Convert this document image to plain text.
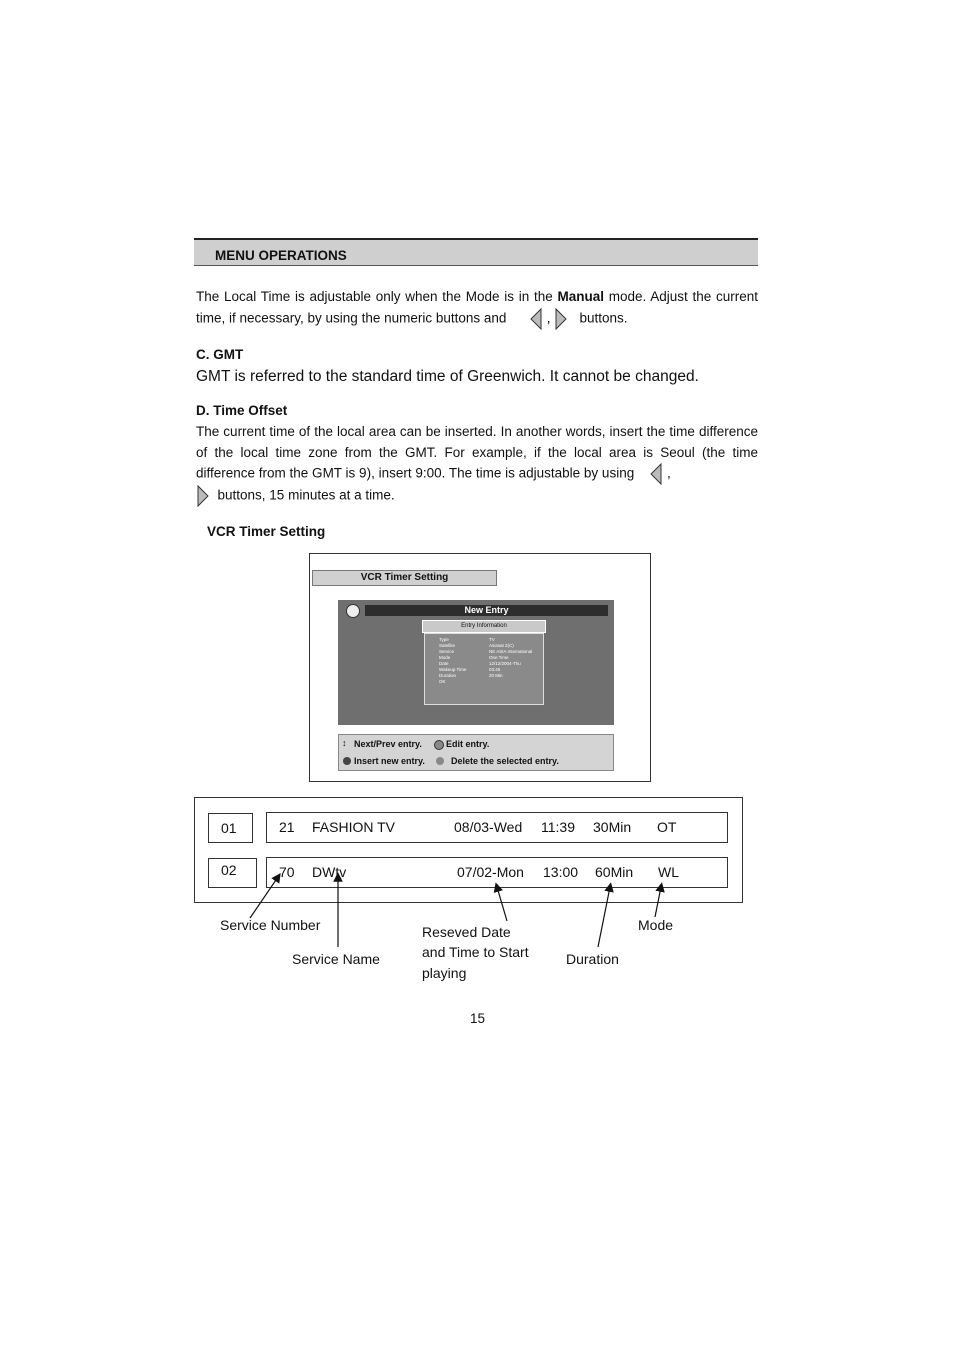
MENU OPERATIONS
The Local Time is adjustable only when the Mode is in the Manual mode. Adjust the current time, if necessary, by using the numeric buttons and	, buttons.
C. GMT
GMT is referred to the standard time of Greenwich. It cannot be changed.
D. Time Offset
The current time of the local area can be inserted. In another words, insert the time difference of the local time zone from the GMT. For example, if the local area is Seoul (the time difference from the GMT is 9), insert 9:00. The time is adjustable by using ,
buttons, 15 minutes at a time.
VCR Timer Setting
VCR Timer Setting
New Entry
Entry Information
Type	TV
Satellite	Asiasat 2(C)
Service	NE ASIA International
Mode	One Time
Date	12/12/2004-Thu
Wakeup Time	03:45
Duration	20 Min
OK
↕ Next/Prev entry.	Edit entry.
Insert new entry.	Delete the selected entry.
01	21 FASHION TV	08/03-Wed 11:39 30Min OT
02	70 DWtv	07/02-Mon 13:00 60Min WL
Service Number
Service Name
Reseved Date
and Time to Start
playing
Duration
Mode
15
